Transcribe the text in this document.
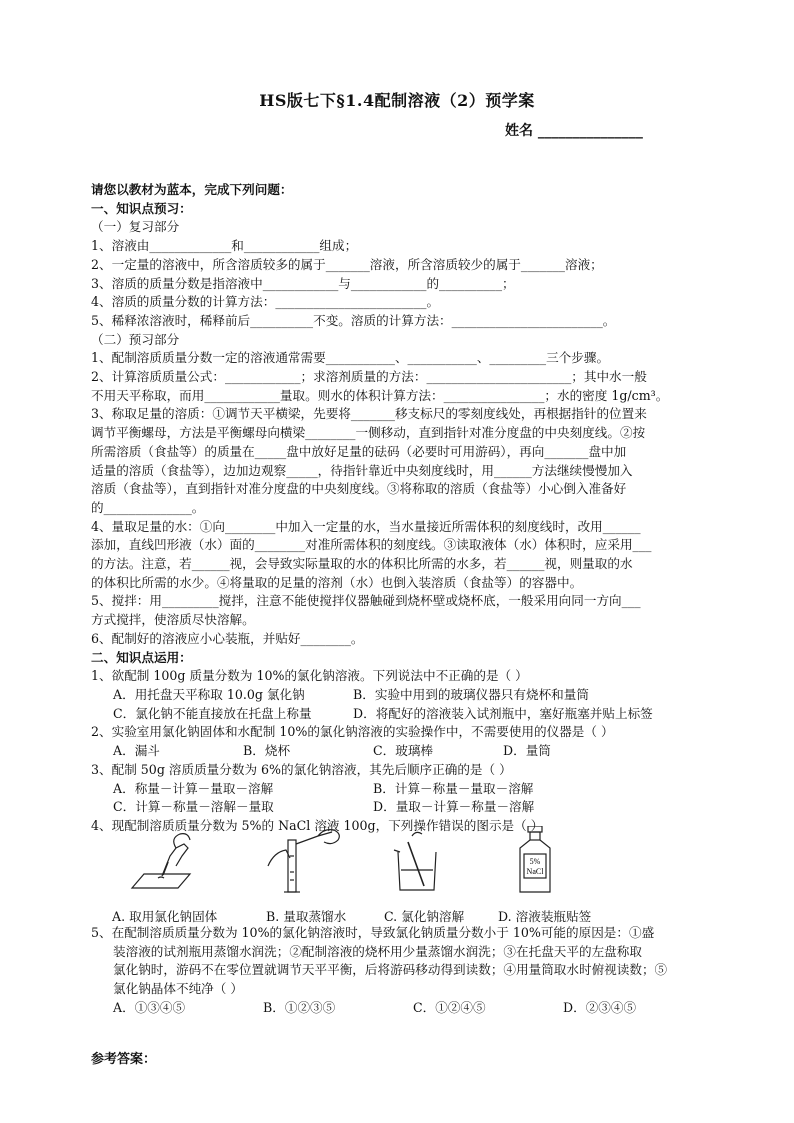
HS版七下§1.4配制溶液（2）预学案
姓名 _______________
请您以教材为蓝本，完成下列问题：
一、知识点预习：
（一）复习部分
1、溶液由_____________和____________组成；
2、一定量的溶液中，所含溶质较多的属于_______溶液，所含溶质较少的属于_______溶液；
3、溶质的质量分数是指溶液中____________与____________的__________；
4、溶质的质量分数的计算方法：________________________。
5、稀释浓溶液时，稀释前后__________不变。溶质的计算方法：________________________。
（二）预习部分
1、配制溶质质量分数一定的溶液通常需要___________、___________、_________三个步骤。
2、计算溶质质量公式：____________；求溶剂质量的方法：_______________________；其中水一般
不用天平称取，而用____________量取。则水的体积计算方法：________________；水的密度 1g/cm³。
3、称取足量的溶质：①调节天平横梁，先要将_______移支标尺的零刻度线处，再根据指针的位置来
调节平衡螺母，方法是平衡螺母向横梁________一侧移动，直到指针对准分度盘的中央刻度线。②按
所需溶质（食盐等）的质量在_____盘中放好足量的砝码（必要时可用游码），再向_______盘中加
适量的溶质（食盐等），边加边观察_____，待指针靠近中央刻度线时，用______方法继续慢慢加入
溶质（食盐等），直到指针对准分度盘的中央刻度线。③将称取的溶质（食盐等）小心倒入准备好
的______________。
4、量取足量的水：①向________中加入一定量的水，当水量接近所需体积的刻度线时，改用______
添加，直线凹形液（水）面的________对准所需体积的刻度线。③读取液体（水）体积时，应采用___
的方法。注意，若______视，会导致实际量取的水的体积比所需的水多，若______视，则量取的水
的体积比所需的水少。④将量取的足量的溶剂（水）也倒入装溶质（食盐等）的容器中。
5、搅拌：用_________搅拌，注意不能使搅拌仪器触碰到烧杯壁或烧杯底，一般采用向同一方向___
方式搅拌，使溶质尽快溶解。
6、配制好的溶液应小心装瓶，并贴好________。
二、知识点运用：
1、欲配制 100g 质量分数为 10%的氯化钠溶液。下列说法中不正确的是（ ）
A．用托盘天平称取 10.0g 氯化钠	B．实验中用到的玻璃仪器只有烧杯和量筒
C．氯化钠不能直接放在托盘上称量	D．将配好的溶液装入试剂瓶中，塞好瓶塞并贴上标签
2、实验室用氯化钠固体和水配制 10%的氯化钠溶液的实验操作中，不需要使用的仪器是（ ）
A．漏斗	B．烧杯	C．玻璃棒	D．量筒
3、配制 50g 溶质质量分数为 6%的氯化钠溶液，其先后顺序正确的是（ ）
A．称量－计算－量取－溶解	B．计算－称量－量取－溶解
C．计算－称量－溶解－量取	D．量取－计算－称量－溶解
4、现配制溶质质量分数为 5%的 NaCl 溶液 100g，下列操作错误的图示是（ ）
5%
NaCl
A. 取用氯化钠固体	B. 量取蒸馏水	C. 氯化钠溶解	D. 溶液装瓶贴签
5、在配制溶质质量分数为 10%的氯化钠溶液时，导致氯化钠质量分数小于 10%可能的原因是：①盛
装溶液的试剂瓶用蒸馏水润洗；②配制溶液的烧杯用少量蒸馏水润洗；③在托盘天平的左盘称取
氯化钠时，游码不在零位置就调节天平平衡，后将游码移动得到读数；④用量筒取水时俯视读数；⑤
氯化钠晶体不纯净（ ）
A．①③④⑤	B．①②③⑤	C．①②④⑤	D．②③④⑤
参考答案：
